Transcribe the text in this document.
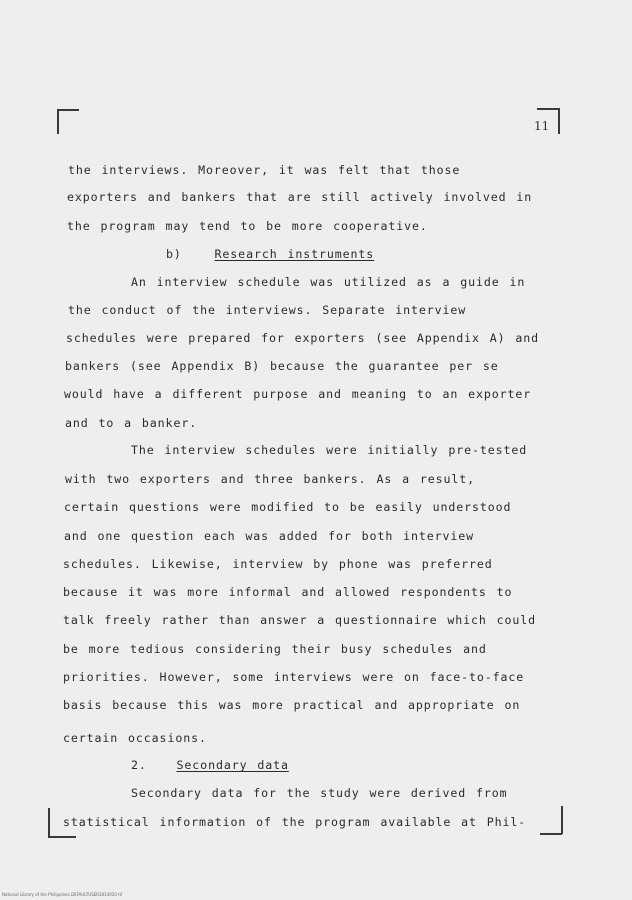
11
the interviews. Moreover, it was felt that those
exporters and bankers that are still actively involved in
the program may tend to be more cooperative.
b)	Research instruments
An interview schedule was utilized as a guide in
the conduct of the interviews. Separate interview
schedules were prepared for exporters (see Appendix A) and
bankers (see Appendix B) because the guarantee per se
would have a different purpose and meaning to an exporter
and to a banker.
The interview schedules were initially pre-tested
with two exporters and three bankers. As a result,
certain questions were modified to be easily understood
and one question each was added for both interview
schedules. Likewise, interview by phone was preferred
because it was more informal and allowed respondents to
talk freely rather than answer a questionnaire which could
be more tedious considering their busy schedules and
priorities. However, some interviews were on face-to-face
basis because this was more practical and appropriate on
certain occasions.
2.	Secondary data
Secondary data for the study were derived from
statistical information of the program available at Phil-
National Library of the Philippines DEFAULTUSER2014020 tif
